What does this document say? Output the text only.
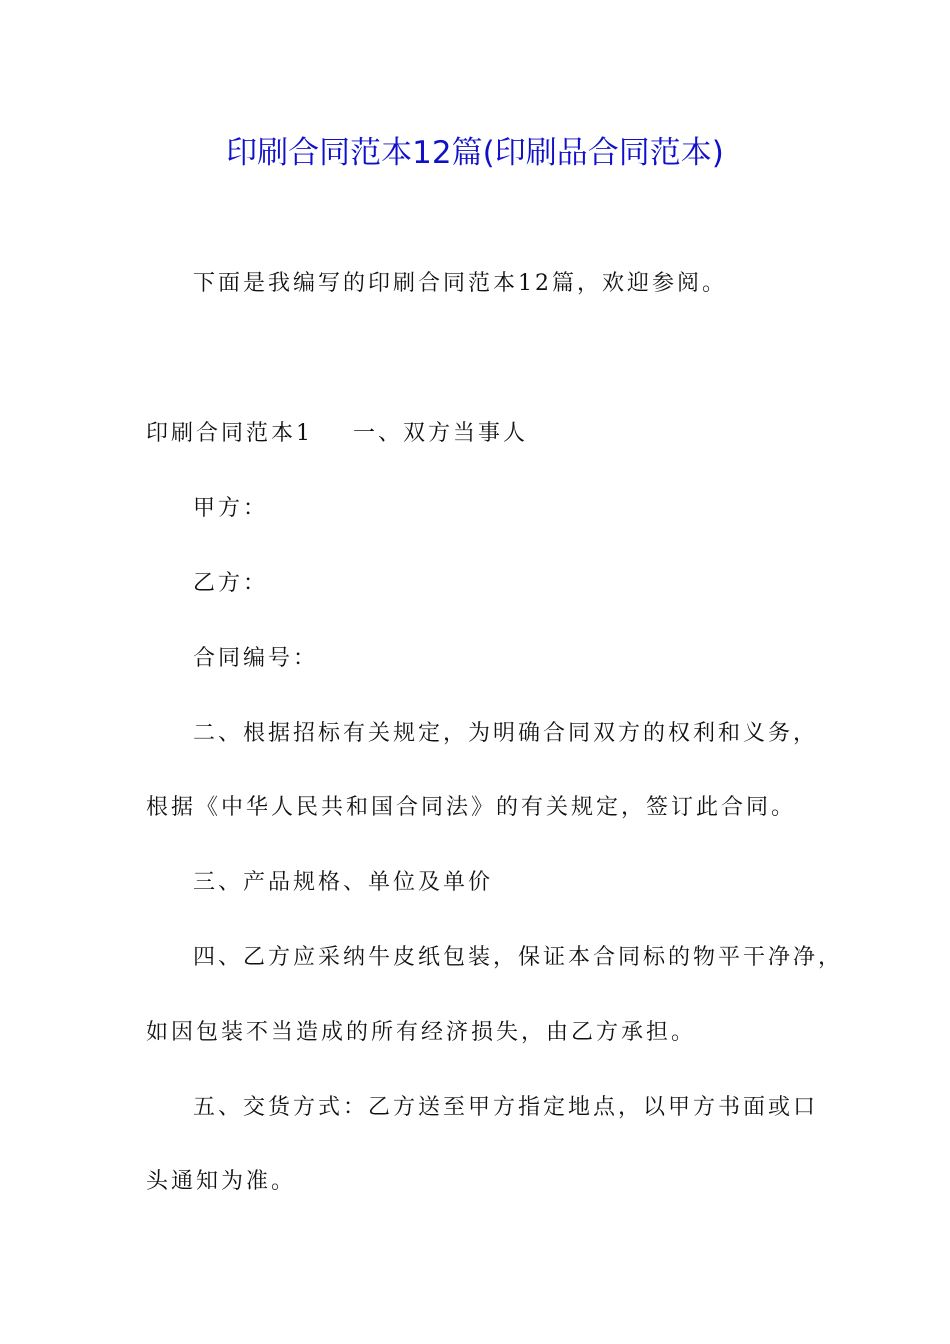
印刷合同范本12篇(印刷品合同范本)

下面是我编写的印刷合同范本12篇，欢迎参阅。

印刷合同范本1 一、双方当事人

甲方：

乙方：

合同编号：

二、根据招标有关规定，为明确合同双方的权利和义务，

根据《中华人民共和国合同法》的有关规定，签订此合同。

三、产品规格、单位及单价

四、乙方应采纳牛皮纸包装，保证本合同标的物平干净净，

如因包装不当造成的所有经济损失，由乙方承担。

五、交货方式：乙方送至甲方指定地点，以甲方书面或口

头通知为准。
